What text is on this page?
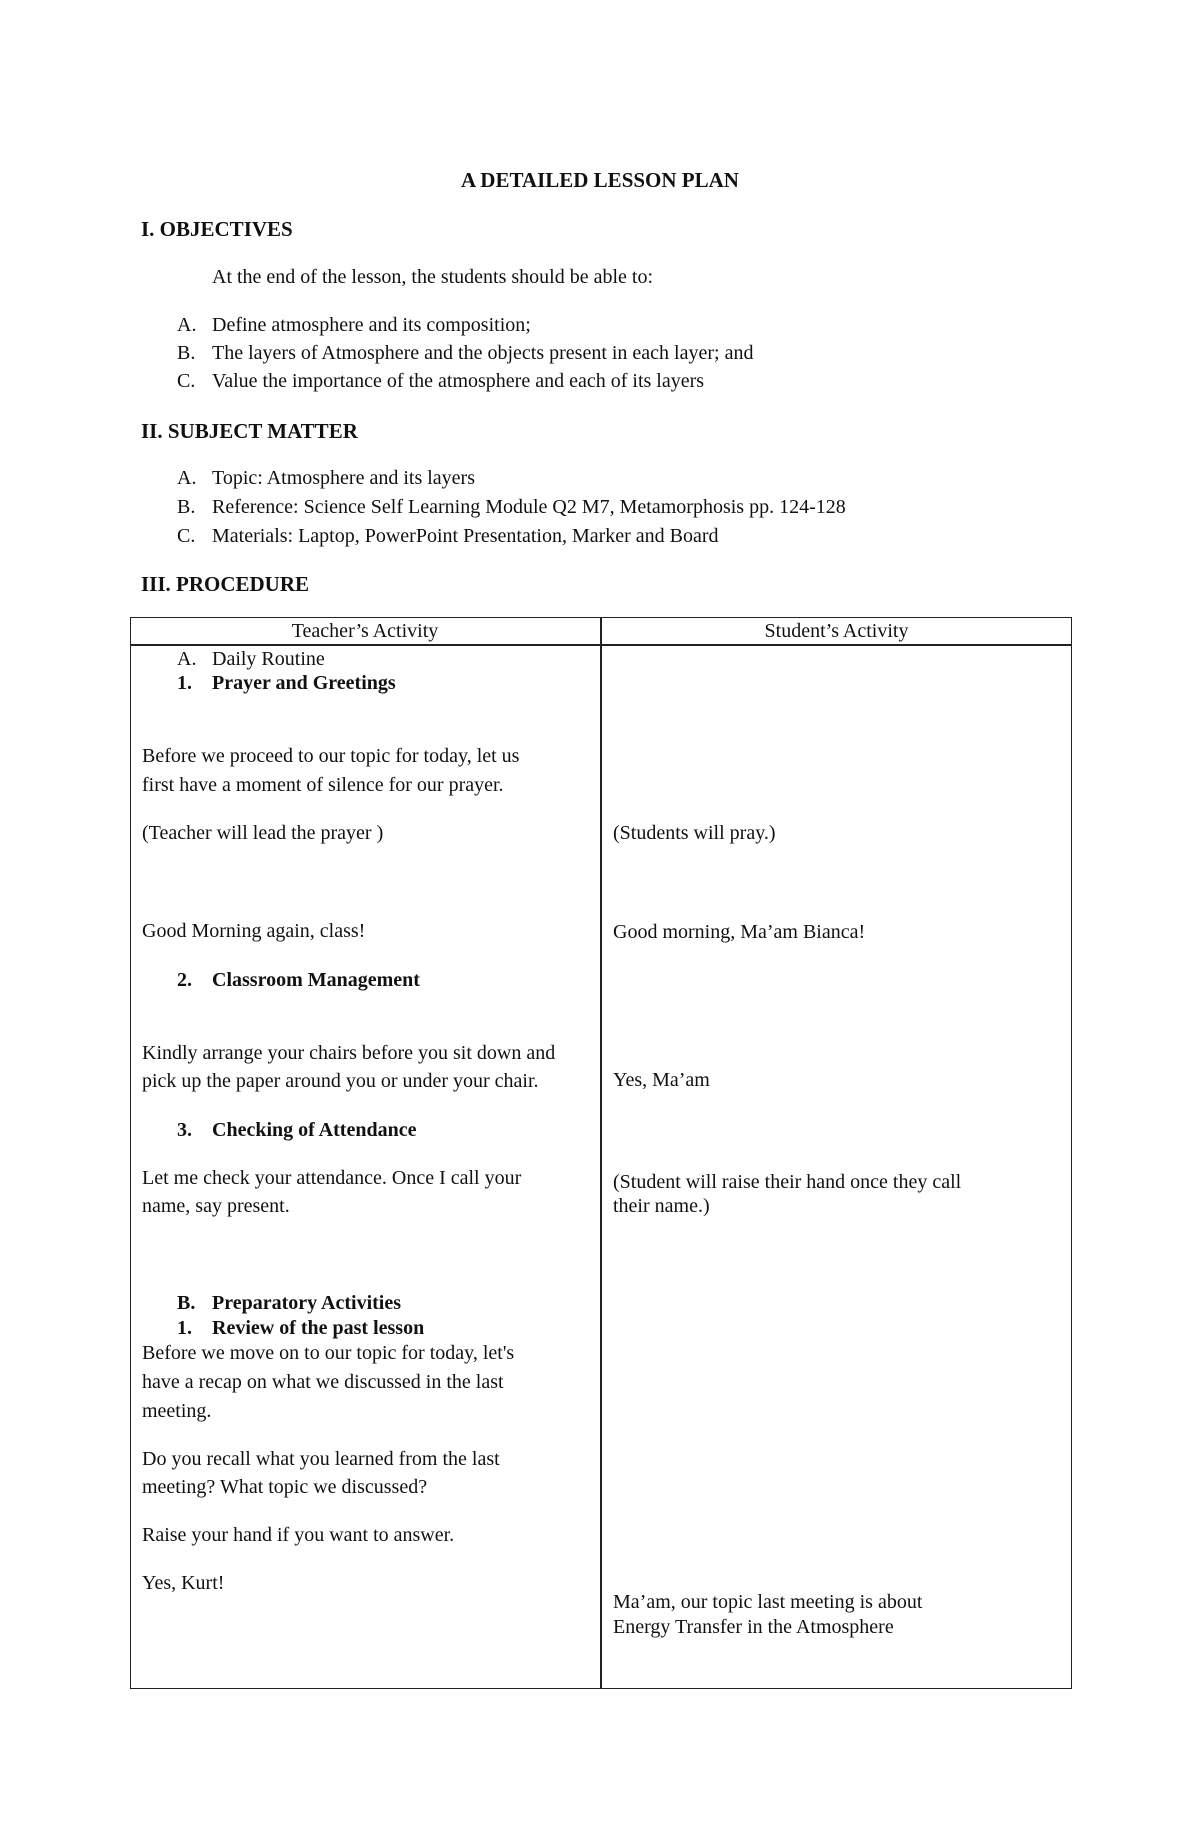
A DETAILED LESSON PLAN
I. OBJECTIVES
At the end of the lesson, the students should be able to:
A. Define atmosphere and its composition;
B. The layers of Atmosphere and the objects present in each layer; and
C. Value the importance of the atmosphere and each of its layers
II. SUBJECT MATTER
A. Topic: Atmosphere and its layers
B. Reference: Science Self Learning Module Q2 M7, Metamorphosis pp. 124-128
C. Materials: Laptop, PowerPoint Presentation, Marker and Board
III. PROCEDURE
Teacher’s Activity	Student’s Activity
A. Daily Routine
1. Prayer and Greetings
Before we proceed to our topic for today, let us
first have a moment of silence for our prayer.
(Teacher will lead the prayer )
Good Morning again, class!
2. Classroom Management
Kindly arrange your chairs before you sit down and
pick up the paper around you or under your chair.
3. Checking of Attendance
Let me check your attendance. Once I call your
name, say present.
B. Preparatory Activities
1. Review of the past lesson
Before we move on to our topic for today, let's
have a recap on what we discussed in the last
meeting.
Do you recall what you learned from the last
meeting? What topic we discussed?
Raise your hand if you want to answer.
Yes, Kurt!
(Students will pray.)
Good morning, Ma’am Bianca!
Yes, Ma’am
(Student will raise their hand once they call
their name.)
Ma’am, our topic last meeting is about
Energy Transfer in the Atmosphere
